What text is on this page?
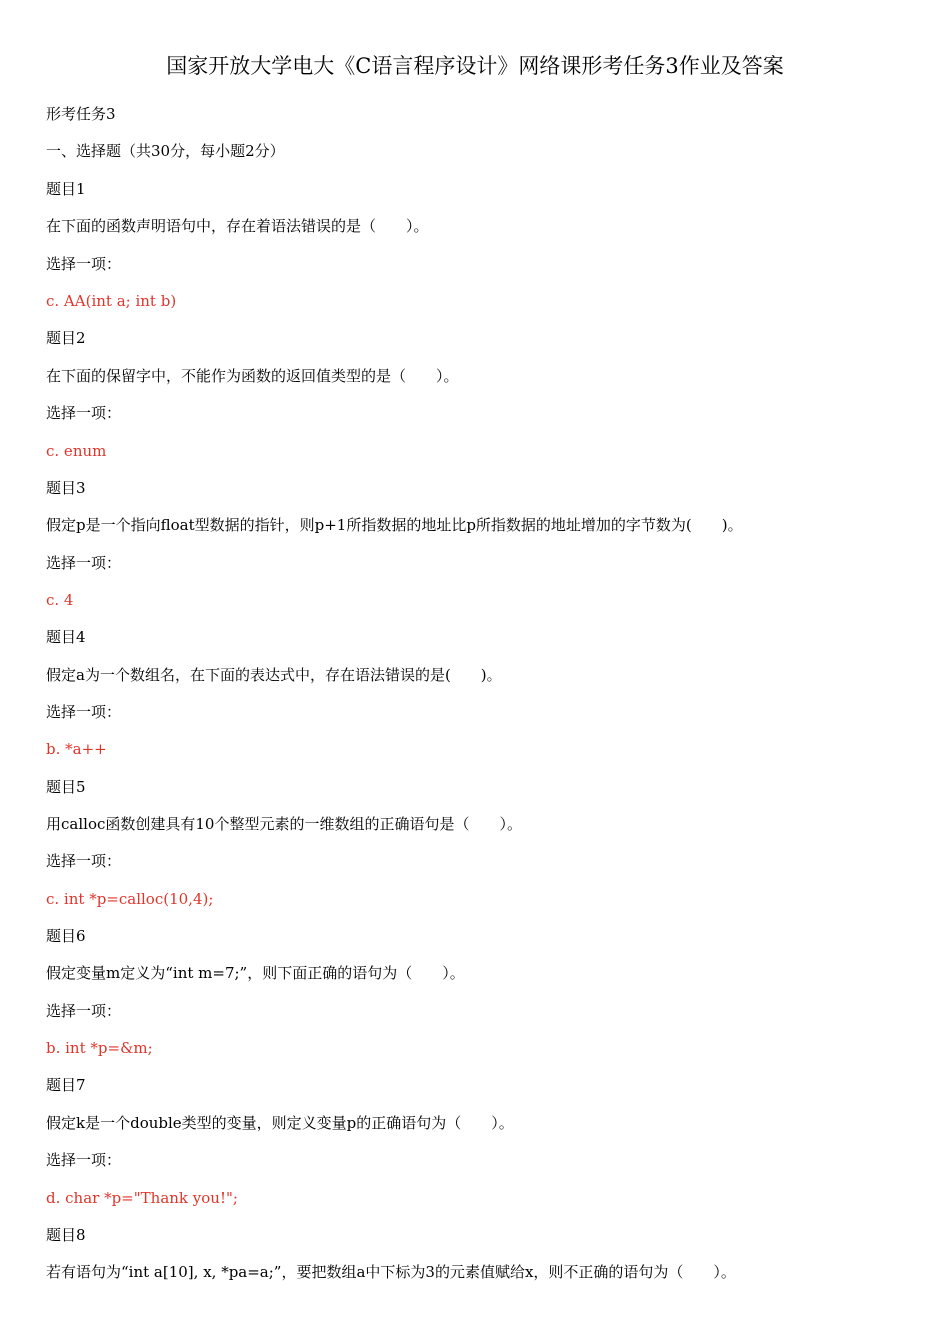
国家开放大学电大《C语言程序设计》网络课形考任务3作业及答案
形考任务3
一、选择题（共30分，每小题2分）
题目1
在下面的函数声明语句中，存在着语法错误的是（　　）。
选择一项：
c. AA(int a; int b)
题目2
在下面的保留字中，不能作为函数的返回值类型的是（　　）。
选择一项：
c. enum
题目3
假定p是一个指向float型数据的指针，则p+1所指数据的地址比p所指数据的地址增加的字节数为(　　)。
选择一项：
c. 4
题目4
假定a为一个数组名，在下面的表达式中，存在语法错误的是(　　)。
选择一项：
b. *a++
题目5
用calloc函数创建具有10个整型元素的一维数组的正确语句是（　　）。
选择一项：
c. int *p=calloc(10,4);
题目6
假定变量m定义为“int m=7;”，则下面正确的语句为（　　）。
选择一项：
b. int *p=&m;
题目7
假定k是一个double类型的变量，则定义变量p的正确语句为（　　）。
选择一项：
d. char *p="Thank you!";
题目8
若有语句为“int a[10], x, *pa=a;”，要把数组a中下标为3的元素值赋给x，则不正确的语句为（　　）。
